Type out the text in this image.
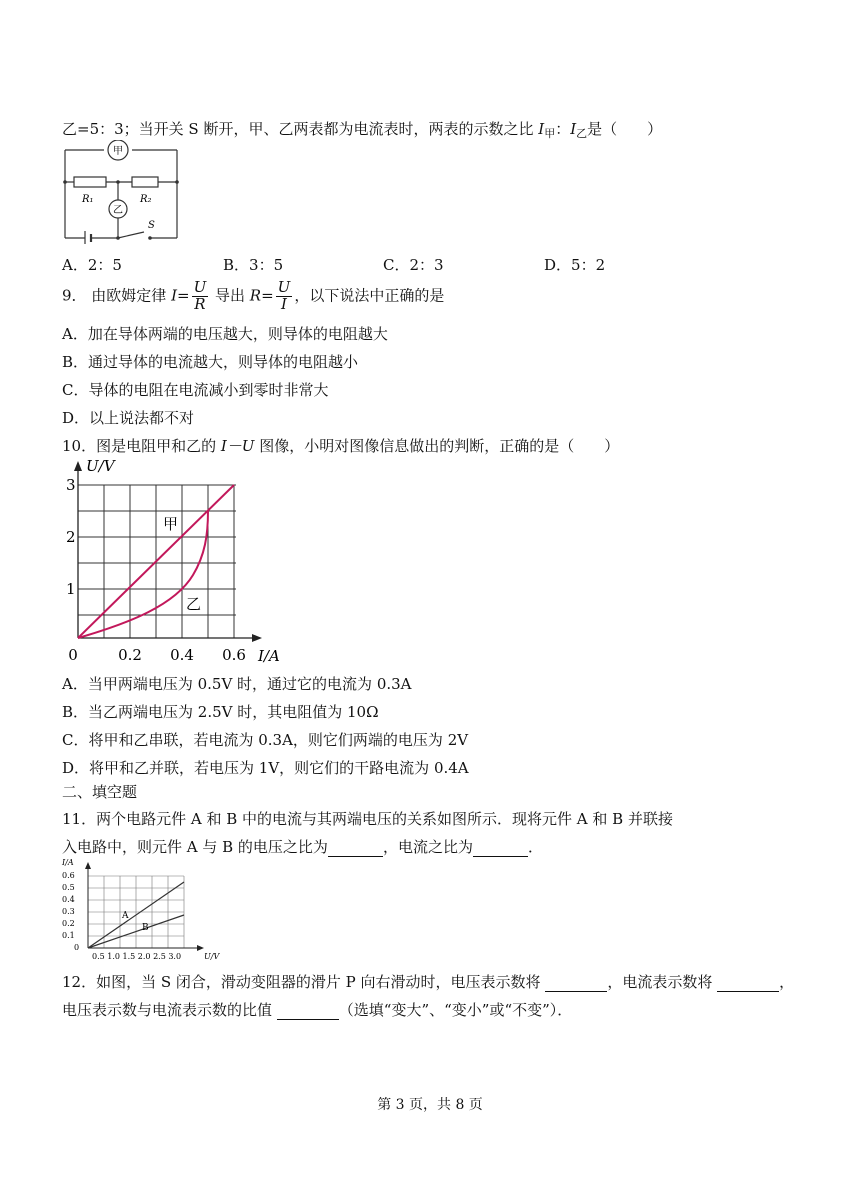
乙=5：3；当开关 S 断开，甲、乙两表都为电流表时，两表的示数之比 $I_甲$：$I_乙$是（　　）
甲
乙
R₁	R₂
S
A．2：5	B．3：5	C．2：3	D．5：2
9． 由欧姆定律 $I= \frac{U}{R}$ 导出 $R= \frac{U}{I}$ ，以下说法中正确的是
A．加在导体两端的电压越大，则导体的电阻越大
B．通过导体的电流越大，则导体的电阻越小
C．导体的电阻在电流减小到零时非常大
D．以上说法都不对
10．图是电阻甲和乙的 I－U 图像，小明对图像信息做出的判断，正确的是（　　）
U/V
I/A
0	0.2 0.4 0.6
1
2
3
甲
乙
A．当甲两端电压为 0.5V 时，通过它的电流为 0.3A
B．当乙两端电压为 2.5V 时，其电阻值为 10Ω
C．将甲和乙串联，若电流为 0.3A，则它们两端的电压为 2V
D．将甲和乙并联，若电压为 1V，则它们的干路电流为 0.4A
二、填空题
11．两个电路元件 A 和 B 中的电流与其两端电压的关系如图所示．现将元件 A 和 B 并联接
入电路中，则元件 A 与 B 的电压之比为	，电流之比为	．
I/A
0.6
0.5
0.4
0.3
0.2
0.1
0
0.5 1.0 1.5 2.0 2.5 3.0	U/V
A
B
12．如图，当 S 闭合，滑动变阻器的滑片 P 向右滑动时，电压表示数将	，电流表示数将	，
电压表示数与电流表示数的比值	（选填“变大”、“变小”或“不变”）．
第 3 页，共 8 页
